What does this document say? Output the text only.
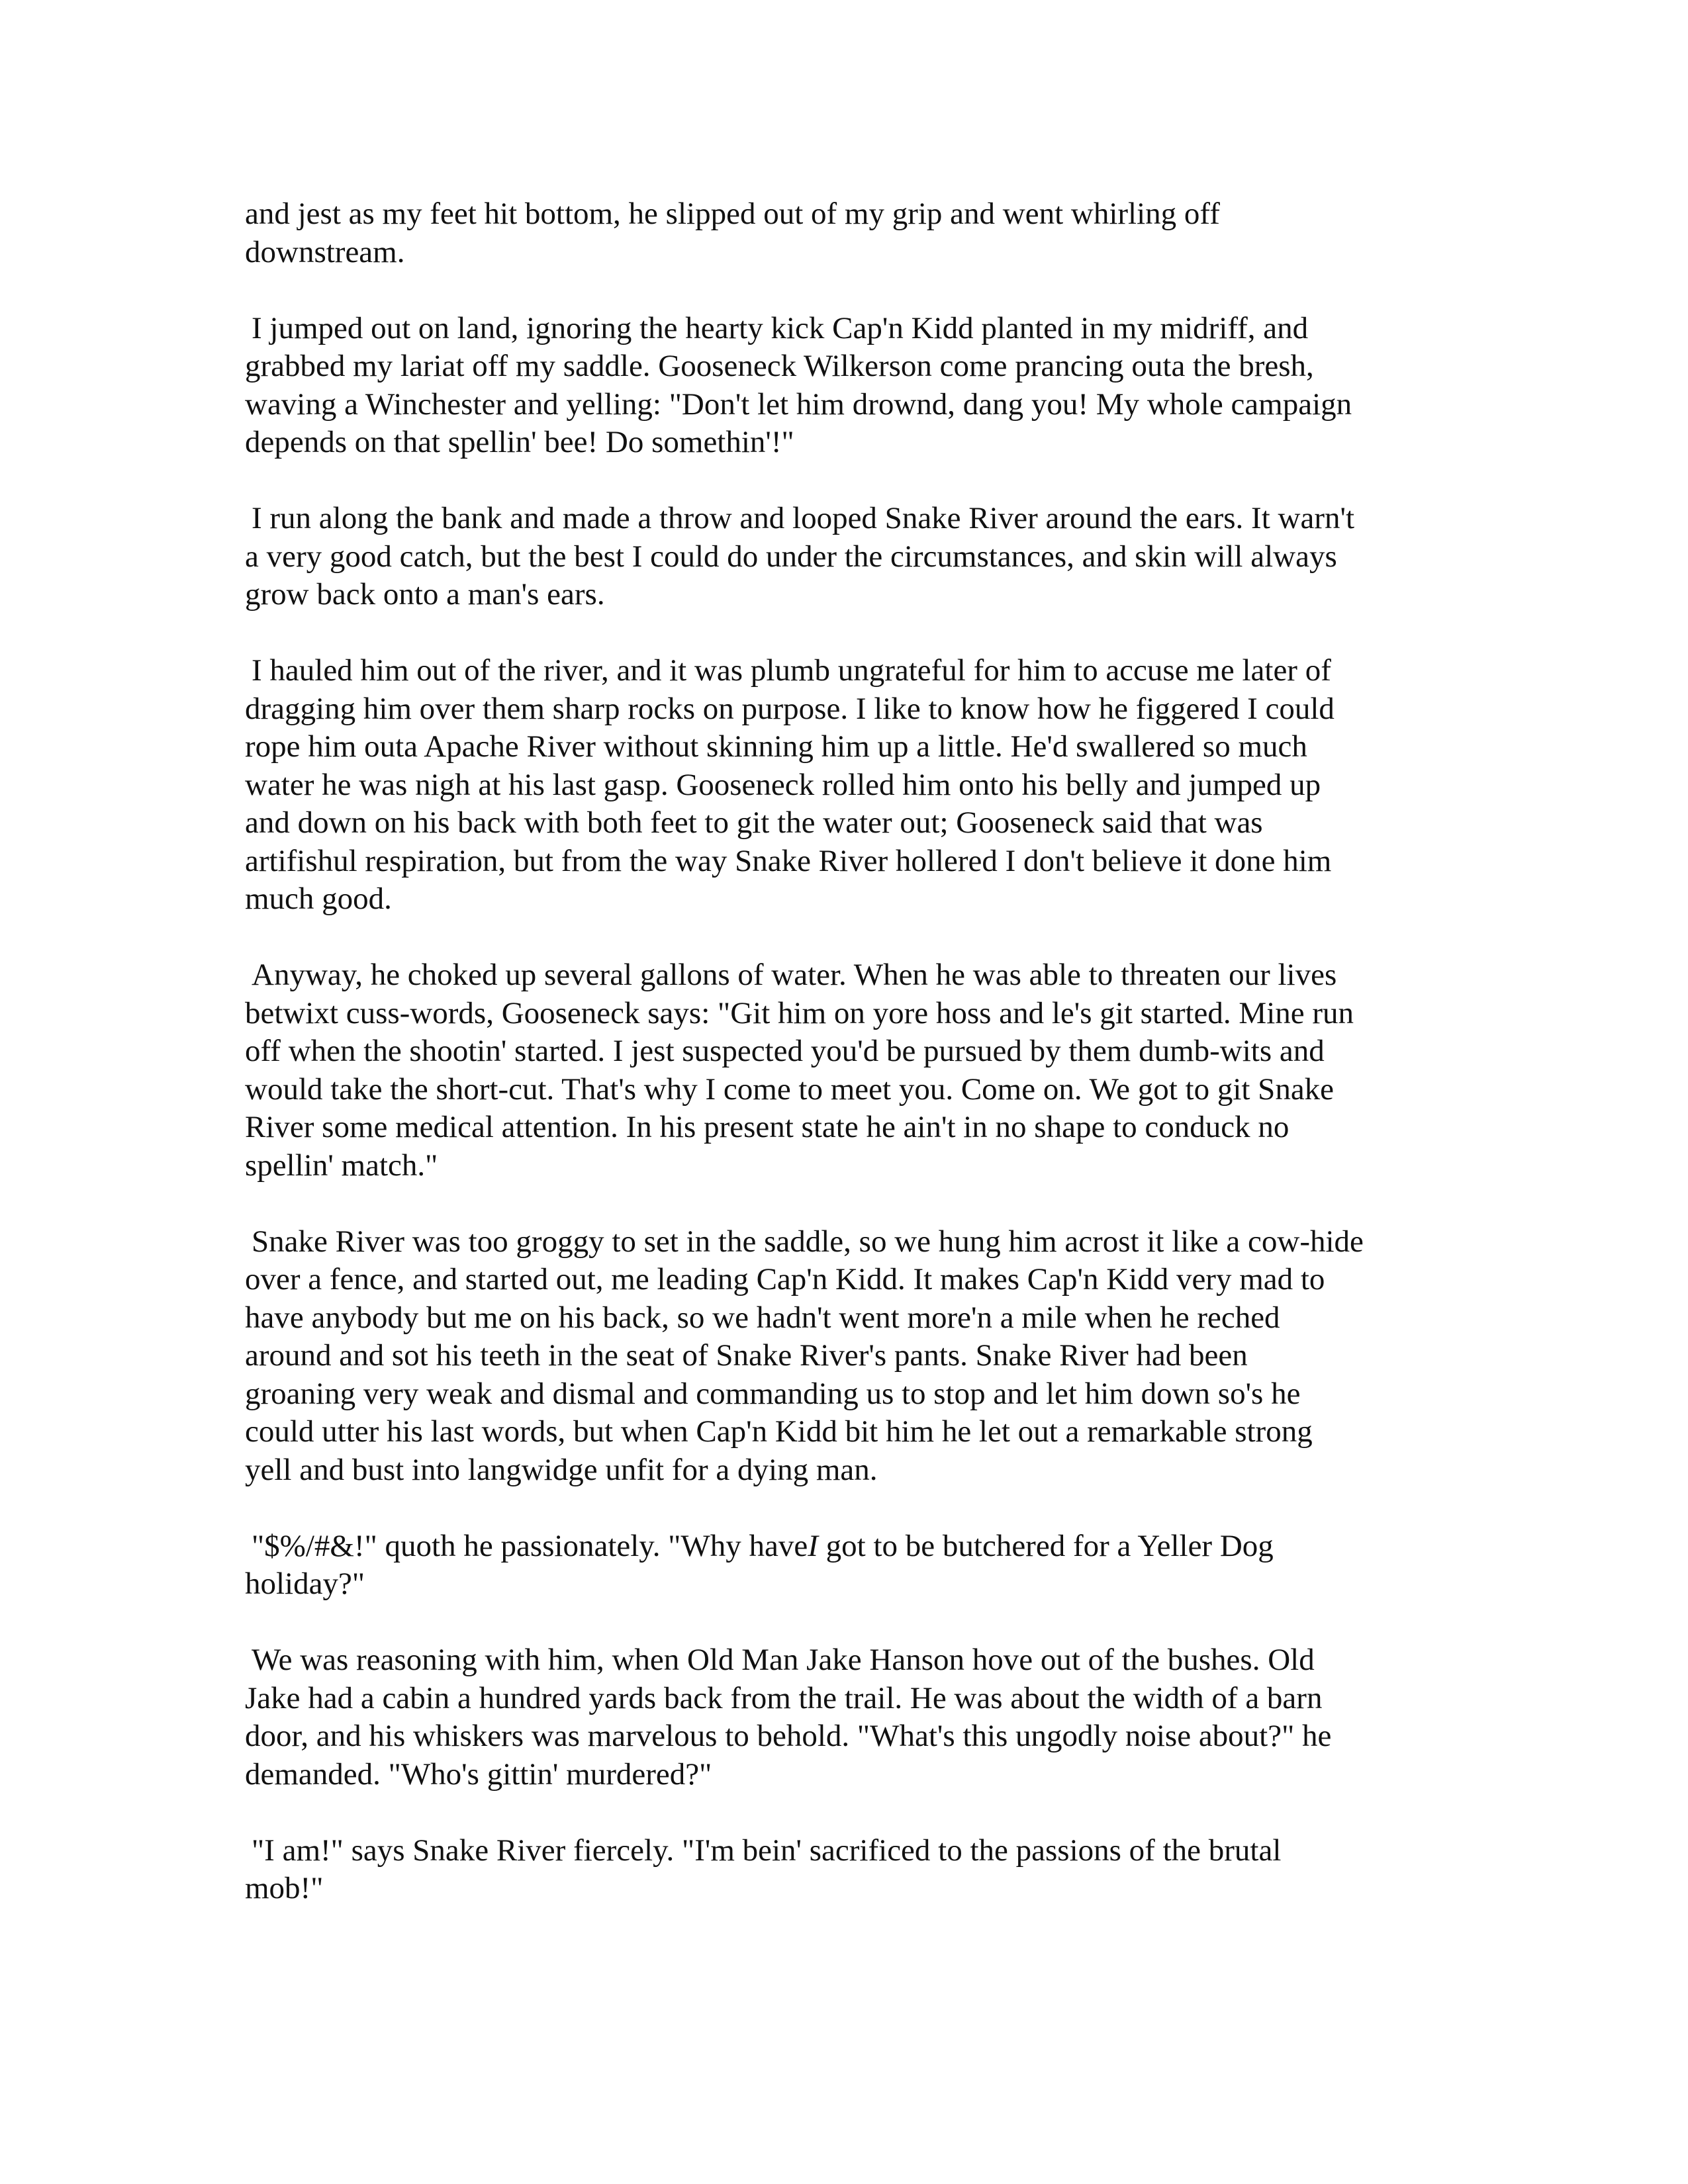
and jest as my feet hit bottom, he slipped out of my grip and went whirling off
downstream.

I jumped out on land, ignoring the hearty kick Cap'n Kidd planted in my midriff, and
grabbed my lariat off my saddle. Gooseneck Wilkerson come prancing outa the bresh,
waving a Winchester and yelling: "Don't let him drownd, dang you! My whole campaign
depends on that spellin' bee! Do somethin'!"

I run along the bank and made a throw and looped Snake River around the ears. It warn't
a very good catch, but the best I could do under the circumstances, and skin will always
grow back onto a man's ears.

I hauled him out of the river, and it was plumb ungrateful for him to accuse me later of
dragging him over them sharp rocks on purpose. I like to know how he figgered I could
rope him outa Apache River without skinning him up a little. He'd swallered so much
water he was nigh at his last gasp. Gooseneck rolled him onto his belly and jumped up
and down on his back with both feet to git the water out; Gooseneck said that was
artifishul respiration, but from the way Snake River hollered I don't believe it done him
much good.

Anyway, he choked up several gallons of water. When he was able to threaten our lives
betwixt cuss-words, Gooseneck says: "Git him on yore hoss and le's git started. Mine run
off when the shootin' started. I jest suspected you'd be pursued by them dumb-wits and
would take the short-cut. That's why I come to meet you. Come on. We got to git Snake
River some medical attention. In his present state he ain't in no shape to conduck no
spellin' match."

Snake River was too groggy to set in the saddle, so we hung him acrost it like a cow-hide
over a fence, and started out, me leading Cap'n Kidd. It makes Cap'n Kidd very mad to
have anybody but me on his back, so we hadn't went more'n a mile when he reched
around and sot his teeth in the seat of Snake River's pants. Snake River had been
groaning very weak and dismal and commanding us to stop and let him down so's he
could utter his last words, but when Cap'n Kidd bit him he let out a remarkable strong
yell and bust into langwidge unfit for a dying man.

"$%/#&!" quoth he passionately. "Why haveI got to be butchered for a Yeller Dog
holiday?"

We was reasoning with him, when Old Man Jake Hanson hove out of the bushes. Old
Jake had a cabin a hundred yards back from the trail. He was about the width of a barn
door, and his whiskers was marvelous to behold. "What's this ungodly noise about?" he
demanded. "Who's gittin' murdered?"

"I am!" says Snake River fiercely. "I'm bein' sacrificed to the passions of the brutal
mob!"
